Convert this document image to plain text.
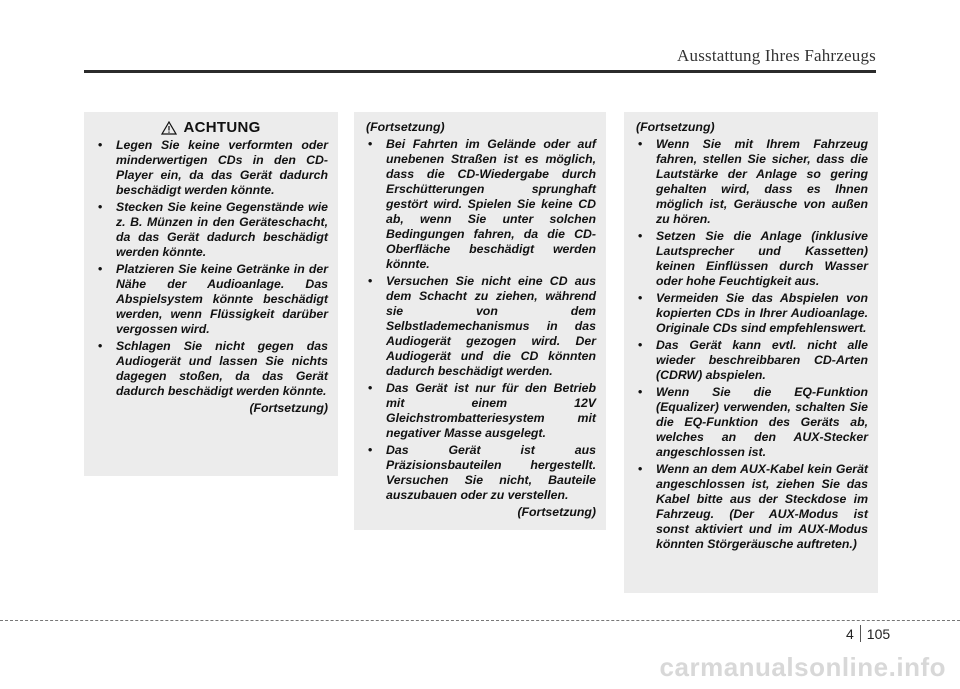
Ausstattung Ihres Fahrzeugs
ACHTUNG
• Legen Sie keine verformten oder minderwertigen CDs in den CD-Player ein, da das Gerät dadurch beschädigt werden könnte.
• Stecken Sie keine Gegenstände wie z. B. Münzen in den Geräteschacht, da das Gerät dadurch beschädigt werden könnte.
• Platzieren Sie keine Getränke in der Nähe der Audioanlage. Das Abspielsystem könnte beschädigt werden, wenn Flüssigkeit darüber vergossen wird.
• Schlagen Sie nicht gegen das Audiogerät und lassen Sie nichts dagegen stoßen, da das Gerät dadurch beschädigt werden könnte.
(Fortsetzung)
(Fortsetzung)
• Bei Fahrten im Gelände oder auf unebenen Straßen ist es möglich, dass die CD-Wiedergabe durch Erschütterungen sprunghaft gestört wird. Spielen Sie keine CD ab, wenn Sie unter solchen Bedingungen fahren, da die CD-Oberfläche beschädigt werden könnte.
• Versuchen Sie nicht eine CD aus dem Schacht zu ziehen, während sie von dem Selbstlademechanismus in das Audiogerät gezogen wird. Der Audiogerät und die CD könnten dadurch beschädigt werden.
• Das Gerät ist nur für den Betrieb mit einem 12V Gleichstrombatteriesystem mit negativer Masse ausgelegt.
• Das Gerät ist aus Präzisionsbauteilen hergestellt. Versuchen Sie nicht, Bauteile auszubauen oder zu verstellen.
(Fortsetzung)
(Fortsetzung)
• Wenn Sie mit Ihrem Fahrzeug fahren, stellen Sie sicher, dass die Lautstärke der Anlage so gering gehalten wird, dass es Ihnen möglich ist, Geräusche von außen zu hören.
• Setzen Sie die Anlage (inklusive Lautsprecher und Kassetten) keinen Einflüssen durch Wasser oder hohe Feuchtigkeit aus.
• Vermeiden Sie das Abspielen von kopierten CDs in Ihrer Audioanlage. Originale CDs sind empfehlenswert.
• Das Gerät kann evtl. nicht alle wieder beschreibbaren CD-Arten (CDRW) abspielen.
• Wenn Sie die EQ-Funktion (Equalizer) verwenden, schalten Sie die EQ-Funktion des Geräts ab, welches an den AUX-Stecker angeschlossen ist.
• Wenn an dem AUX-Kabel kein Gerät angeschlossen ist, ziehen Sie das Kabel bitte aus der Steckdose im Fahrzeug. (Der AUX-Modus ist sonst aktiviert und im AUX-Modus könnten Störgeräusche auftreten.)
4 105
carmanualsonline.info
